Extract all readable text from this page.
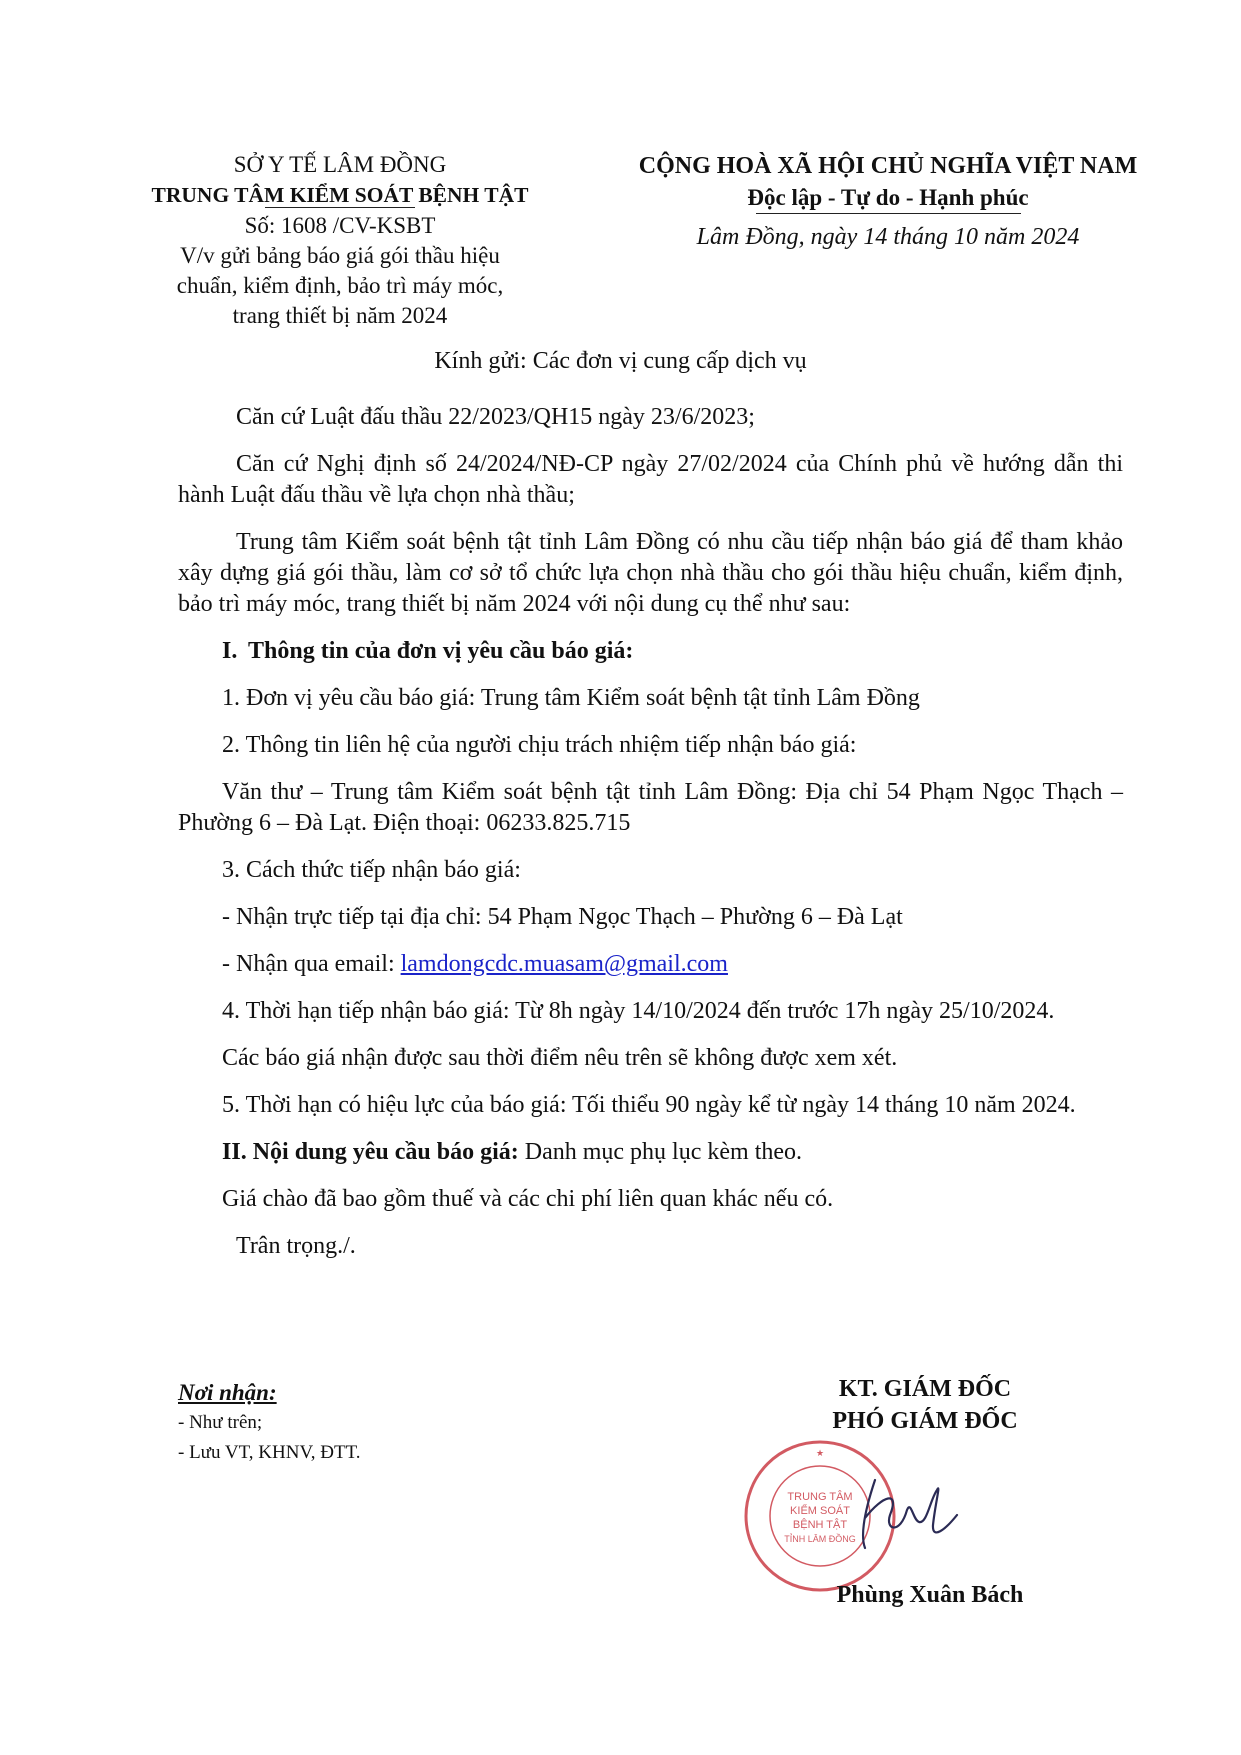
SỞ Y TẾ LÂM ĐỒNG
TRUNG TÂM KIỂM SOÁT BỆNH TẬT
Số: 1608 /CV-KSBT
V/v gửi bảng báo giá gói thầu hiệu
chuẩn, kiểm định, bảo trì máy móc,
trang thiết bị năm 2024
CỘNG HOÀ XÃ HỘI CHỦ NGHĨA VIỆT NAM
Độc lập - Tự do - Hạnh phúc
Lâm Đồng, ngày 14 tháng 10 năm 2024
Kính gửi: Các đơn vị cung cấp dịch vụ

Căn cứ Luật đấu thầu 22/2023/QH15 ngày 23/6/2023;

Căn cứ Nghị định số 24/2024/NĐ-CP ngày 27/02/2024 của Chính phủ về hướng dẫn thi hành Luật đấu thầu về lựa chọn nhà thầu;

Trung tâm Kiểm soát bệnh tật tỉnh Lâm Đồng có nhu cầu tiếp nhận báo giá để tham khảo xây dựng giá gói thầu, làm cơ sở tổ chức lựa chọn nhà thầu cho gói thầu hiệu chuẩn, kiểm định, bảo trì máy móc, trang thiết bị năm 2024 với nội dung cụ thể như sau:

I. Thông tin của đơn vị yêu cầu báo giá:

1. Đơn vị yêu cầu báo giá: Trung tâm Kiểm soát bệnh tật tỉnh Lâm Đồng

2. Thông tin liên hệ của người chịu trách nhiệm tiếp nhận báo giá:

Văn thư – Trung tâm Kiểm soát bệnh tật tỉnh Lâm Đồng: Địa chỉ 54 Phạm Ngọc Thạch – Phường 6 – Đà Lạt. Điện thoại: 06233.825.715

3. Cách thức tiếp nhận báo giá:

- Nhận trực tiếp tại địa chỉ: 54 Phạm Ngọc Thạch – Phường 6 – Đà Lạt

- Nhận qua email: lamdongcdc.muasam@gmail.com

4. Thời hạn tiếp nhận báo giá: Từ 8h ngày 14/10/2024 đến trước 17h ngày 25/10/2024.

Các báo giá nhận được sau thời điểm nêu trên sẽ không được xem xét.

5. Thời hạn có hiệu lực của báo giá: Tối thiểu 90 ngày kể từ ngày 14 tháng 10 năm 2024.

II. Nội dung yêu cầu báo giá: Danh mục phụ lục kèm theo.

Giá chào đã bao gồm thuế và các chi phí liên quan khác nếu có.

Trân trọng./.

Nơi nhận:
- Như trên;
- Lưu VT, KHNV, ĐTT.
KT. GIÁM ĐỐC
PHÓ GIÁM ĐỐC
TRUNG TÂM
KIỂM SOÁT
BỆNH TẬT
TỈNH LÂM ĐỒNG
★
Phùng Xuân Bách
